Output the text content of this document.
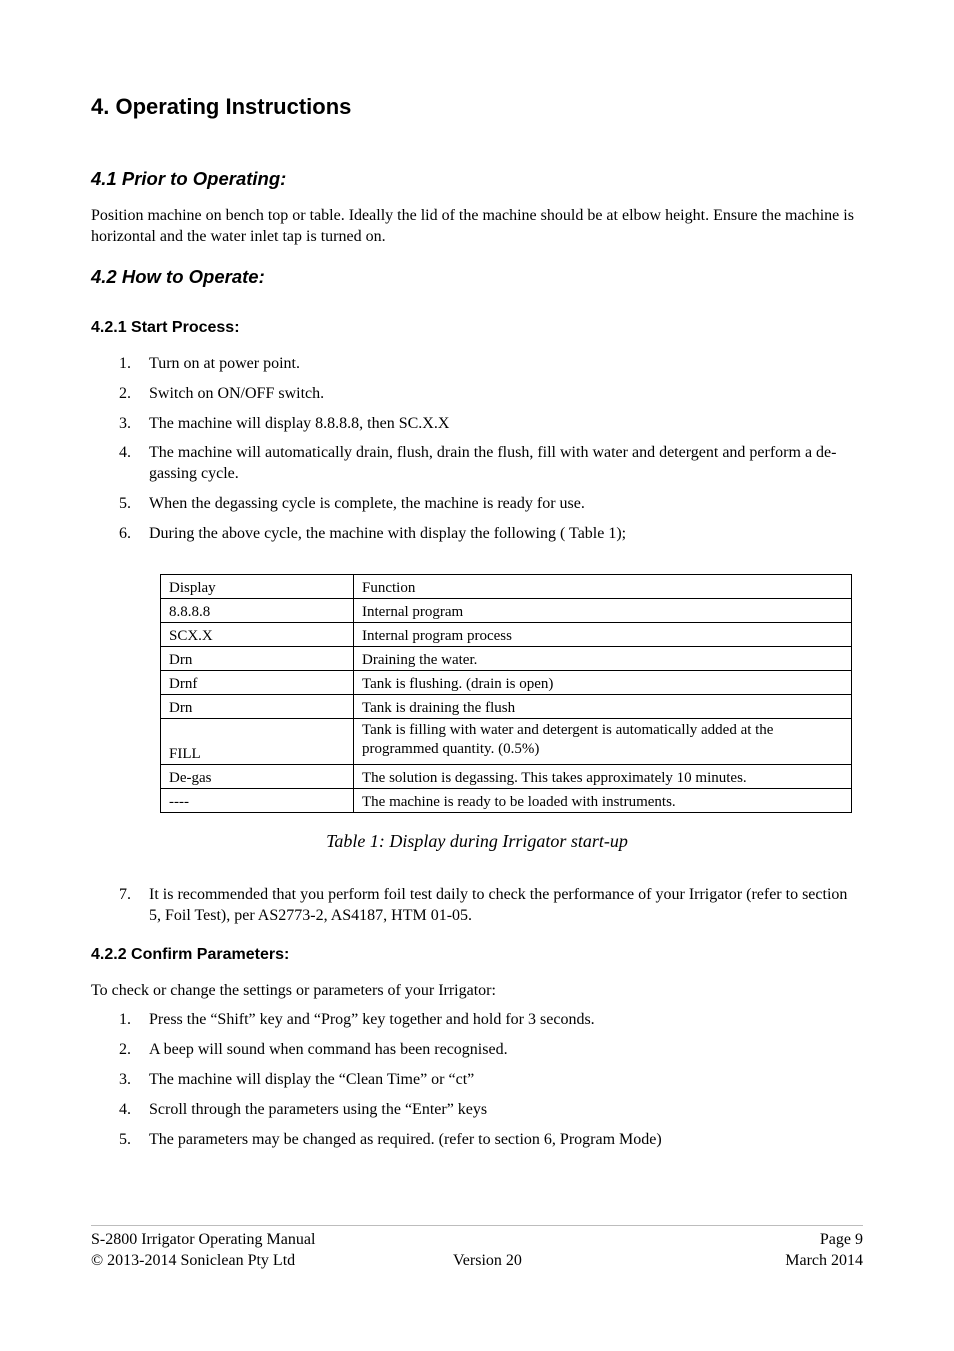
4. Operating Instructions
4.1 Prior to Operating:

Position machine on bench top or table. Ideally the lid of the machine should be at elbow height. Ensure the machine is horizontal and the water inlet tap is turned on.

4.2 How to Operate:
4.2.1 Start Process:
1. Turn on at power point.
2. Switch on ON/OFF switch.
3. The machine will display 8.8.8.8, then SC.X.X
4. The machine will automatically drain, flush, drain the flush, fill with water and detergent and perform a de-gassing cycle.
5. When the degassing cycle is complete, the machine is ready for use.
6. During the above cycle, the machine with display the following ( Table 1);
Display	Function
8.8.8.8	Internal program
SCX.X	Internal program process
Drn	Draining the water.
Drnf	Tank is flushing. (drain is open)
Drn	Tank is draining the flush
FILL	Tank is filling with water and detergent is automatically added at the programmed quantity. (0.5%)
De-gas	The solution is degassing. This takes approximately 10 minutes.
----	The machine is ready to be loaded with instruments.
Table 1: Display during Irrigator start-up
7. It is recommended that you perform foil test daily to check the performance of your Irrigator (refer to section 5, Foil Test), per AS2773-2, AS4187, HTM 01-05.
4.2.2 Confirm Parameters:

To check or change the settings or parameters of your Irrigator:

1. Press the “Shift” key and “Prog” key together and hold for 3 seconds.
2. A beep will sound when command has been recognised.
3. The machine will display the “Clean Time” or “ct”
4. Scroll through the parameters using the “Enter” keys
5. The parameters may be changed as required. (refer to section 6, Program Mode)
S-2800 Irrigator Operating Manual	Page 9
© 2013-2014 Soniclean Pty Ltd	Version 20	March 2014
